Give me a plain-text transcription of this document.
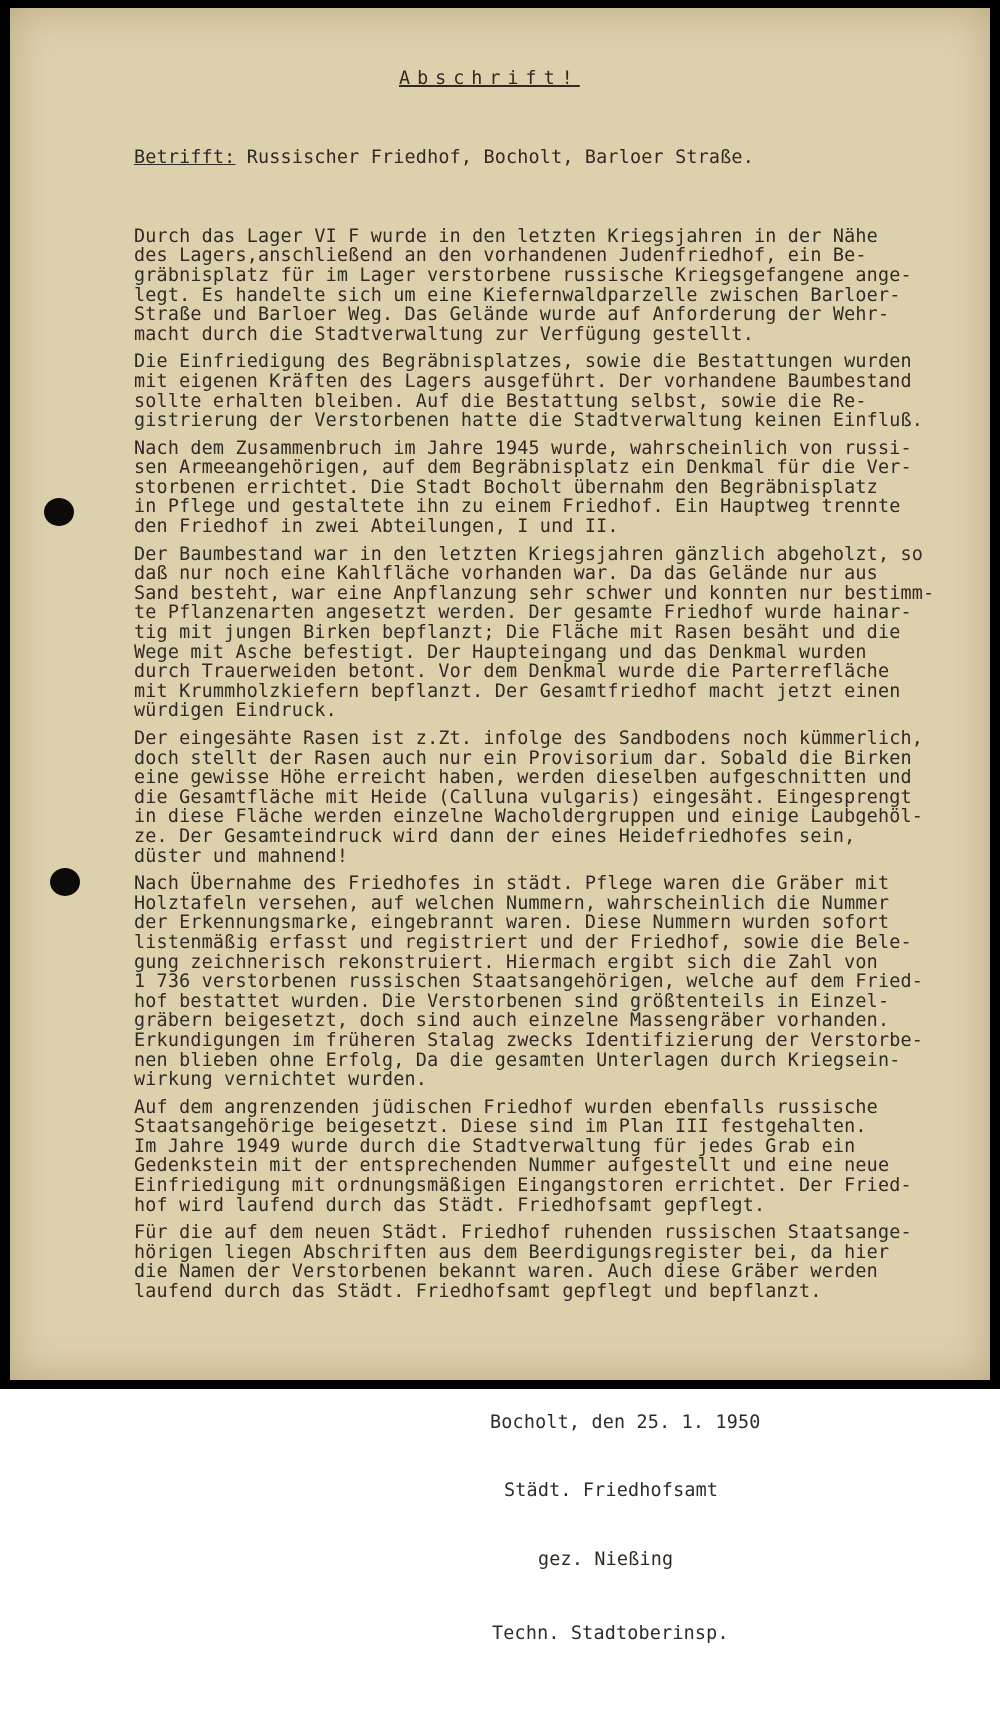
Abschrift!

Betrifft: Russischer Friedhof, Bocholt, Barloer Straße.

Durch das Lager VI F wurde in den letzten Kriegsjahren in der Nähe
des Lagers,anschließend an den vorhandenen Judenfriedhof, ein Be-
gräbnisplatz für im Lager verstorbene russische Kriegsgefangene ange-
legt. Es handelte sich um eine Kiefernwaldparzelle zwischen Barloer-
Straße und Barloer Weg. Das Gelände wurde auf Anforderung der Wehr-
macht durch die Stadtverwaltung zur Verfügung gestellt.
Die Einfriedigung des Begräbnisplatzes, sowie die Bestattungen wurden
mit eigenen Kräften des Lagers ausgeführt. Der vorhandene Baumbestand
sollte erhalten bleiben. Auf die Bestattung selbst, sowie die Re-
gistrierung der Verstorbenen hatte die Stadtverwaltung keinen Einfluß.
Nach dem Zusammenbruch im Jahre 1945 wurde, wahrscheinlich von russi-
sen Armeeangehörigen, auf dem Begräbnisplatz ein Denkmal für die Ver-
storbenen errichtet. Die Stadt Bocholt übernahm den Begräbnisplatz
in Pflege und gestaltete ihn zu einem Friedhof. Ein Hauptweg trennte
den Friedhof in zwei Abteilungen, I und II.
Der Baumbestand war in den letzten Kriegsjahren gänzlich abgeholzt, so
daß nur noch eine Kahlfläche vorhanden war. Da das Gelände nur aus
Sand besteht, war eine Anpflanzung sehr schwer und konnten nur bestimm-
te Pflanzenarten angesetzt werden. Der gesamte Friedhof wurde hainar-
tig mit jungen Birken bepflanzt; Die Fläche mit Rasen besäht und die
Wege mit Asche befestigt. Der Haupteingang und das Denkmal wurden
durch Trauerweiden betont. Vor dem Denkmal wurde die Parterrefläche
mit Krummholzkiefern bepflanzt. Der Gesamtfriedhof macht jetzt einen
würdigen Eindruck.
Der eingesähte Rasen ist z.Zt. infolge des Sandbodens noch kümmerlich,
doch stellt der Rasen auch nur ein Provisorium dar. Sobald die Birken
eine gewisse Höhe erreicht haben, werden dieselben aufgeschnitten und
die Gesamtfläche mit Heide (Calluna vulgaris) eingesäht. Eingesprengt
in diese Fläche werden einzelne Wacholdergruppen und einige Laubgehöl-
ze. Der Gesamteindruck wird dann der eines Heidefriedhofes sein,
düster und mahnend!
Nach Übernahme des Friedhofes in städt. Pflege waren die Gräber mit
Holztafeln versehen, auf welchen Nummern, wahrscheinlich die Nummer
der Erkennungsmarke, eingebrannt waren. Diese Nummern wurden sofort
listenmäßig erfasst und registriert und der Friedhof, sowie die Bele-
gung zeichnerisch rekonstruiert. Hiermach ergibt sich die Zahl von
1 736 verstorbenen russischen Staatsangehörigen, welche auf dem Fried-
hof bestattet wurden. Die Verstorbenen sind größtenteils in Einzel-
gräbern beigesetzt, doch sind auch einzelne Massengräber vorhanden.
Erkundigungen im früheren Stalag zwecks Identifizierung der Verstorbe-
nen blieben ohne Erfolg, Da die gesamten Unterlagen durch Kriegsein-
wirkung vernichtet wurden.
Auf dem angrenzenden jüdischen Friedhof wurden ebenfalls russische
Staatsangehörige beigesetzt. Diese sind im Plan III festgehalten.
Im Jahre 1949 wurde durch die Stadtverwaltung für jedes Grab ein
Gedenkstein mit der entsprechenden Nummer aufgestellt und eine neue
Einfriedigung mit ordnungsmäßigen Eingangstoren errichtet. Der Fried-
hof wird laufend durch das Städt. Friedhofsamt gepflegt.
Für die auf dem neuen Städt. Friedhof ruhenden russischen Staatsange-
hörigen liegen Abschriften aus dem Beerdigungsregister bei, da hier
die Namen der Verstorbenen bekannt waren. Auch diese Gräber werden
laufend durch das Städt. Friedhofsamt gepflegt und bepflanzt.

Bocholt, den 25. 1. 1950

Städt. Friedhofsamt

gez. Nießing

Techn. Stadtoberinsp.
